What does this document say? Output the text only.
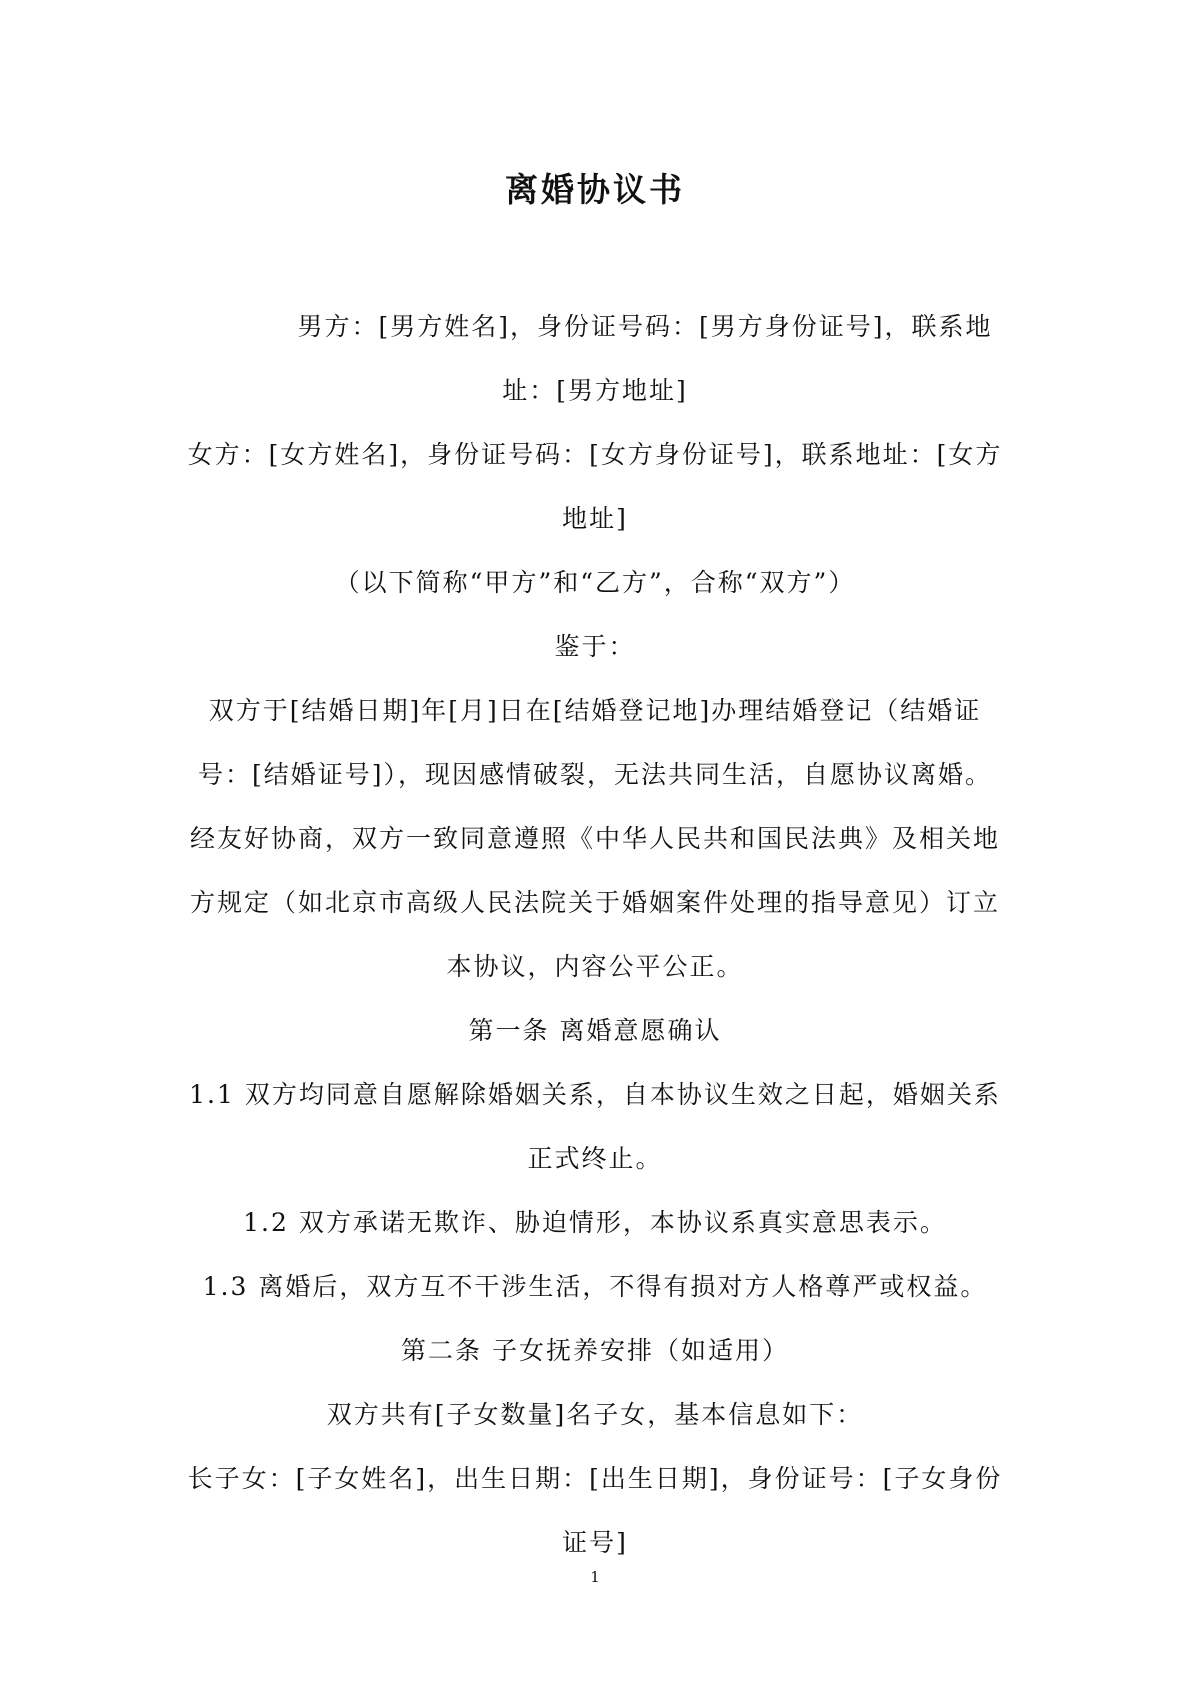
离婚协议书

男方：[男方姓名]，身份证号码：[男方身份证号]，联系地址：[男方地址]

女方：[女方姓名]，身份证号码：[女方身份证号]，联系地址：[女方地址]

（以下简称“甲方”和“乙方”，合称“双方”）

鉴于：

双方于[结婚日期]年[月]日在[结婚登记地]办理结婚登记（结婚证号：[结婚证号]），现因感情破裂，无法共同生活，自愿协议离婚。经友好协商，双方一致同意遵照《中华人民共和国民法典》及相关地方规定（如北京市高级人民法院关于婚姻案件处理的指导意见）订立本协议，内容公平公正。

第一条 离婚意愿确认

1.1 双方均同意自愿解除婚姻关系，自本协议生效之日起，婚姻关系正式终止。

1.2 双方承诺无欺诈、胁迫情形，本协议系真实意思表示。

1.3 离婚后，双方互不干涉生活，不得有损对方人格尊严或权益。

第二条 子女抚养安排（如适用）

双方共有[子女数量]名子女，基本信息如下：

长子女：[子女姓名]，出生日期：[出生日期]，身份证号：[子女身份证号]

1
